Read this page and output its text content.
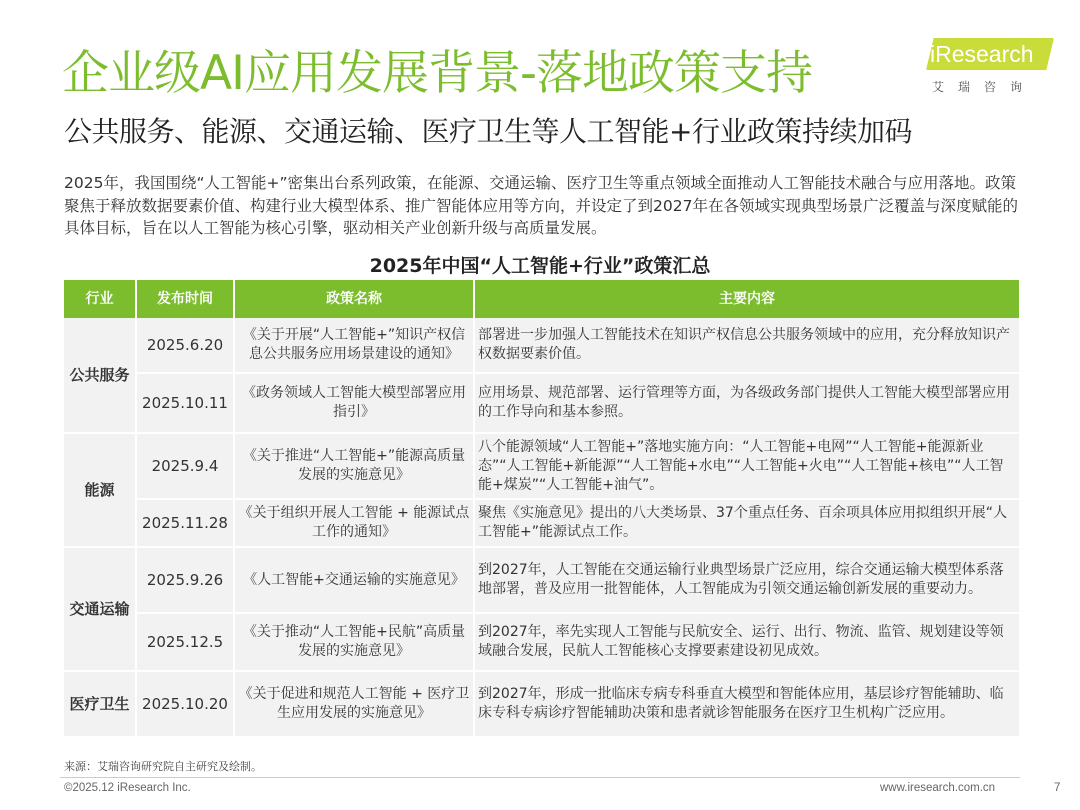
企业级AI应用发展背景-落地政策支持
公共服务、能源、交通运输、医疗卫生等人工智能+行业政策持续加码
iResearch
艾瑞咨询
2025年，我国围绕“人工智能+”密集出台系列政策，在能源、交通运输、医疗卫生等重点领域全面推动人工智能技术融合与应用落地。政策聚焦于释放数据要素价值、构建行业大模型体系、推广智能体应用等方向，并设定了到2027年在各领域实现典型场景广泛覆盖与深度赋能的具体目标，旨在以人工智能为核心引擎，驱动相关产业创新升级与高质量发展。
2025年中国“人工智能+行业”政策汇总
行业	发布时间	政策名称	主要内容
公共服务	2025.6.20	《关于开展“人工智能+”知识产权信息公共服务应用场景建设的通知》	部署进一步加强人工智能技术在知识产权信息公共服务领域中的应用，充分释放知识产权数据要素价值。
	2025.10.11	《政务领域人工智能大模型部署应用指引》	应用场景、规范部署、运行管理等方面，为各级政务部门提供人工智能大模型部署应用的工作导向和基本参照。
能源	2025.9.4	《关于推进“人工智能+”能源高质量发展的实施意见》	八个能源领域“人工智能+”落地实施方向：“人工智能+电网”“人工智能+能源新业态”“人工智能+新能源”“人工智能+水电”“人工智能+火电”“人工智能+核电”“人工智能+煤炭”“人工智能+油气”。
	2025.11.28	《关于组织开展人工智能 + 能源试点工作的通知》	聚焦《实施意见》提出的八大类场景、37个重点任务、百余项具体应用拟组织开展“人工智能+”能源试点工作。
交通运输	2025.9.26	《人工智能+交通运输的实施意见》	到2027年，人工智能在交通运输行业典型场景广泛应用，综合交通运输大模型体系落地部署，普及应用一批智能体，人工智能成为引领交通运输创新发展的重要动力。
	2025.12.5	《关于推动“人工智能+民航”高质量发展的实施意见》	到2027年，率先实现人工智能与民航安全、运行、出行、物流、监管、规划建设等领域融合发展，民航人工智能核心支撑要素建设初见成效。
医疗卫生	2025.10.20	《关于促进和规范人工智能 + 医疗卫生应用发展的实施意见》	到2027年，形成一批临床专病专科垂直大模型和智能体应用，基层诊疗智能辅助、临床专科专病诊疗智能辅助决策和患者就诊智能服务在医疗卫生机构广泛应用。
来源：艾瑞咨询研究院自主研究及绘制。
©2025.12 iResearch Inc.	www.iresearch.com.cn	7
